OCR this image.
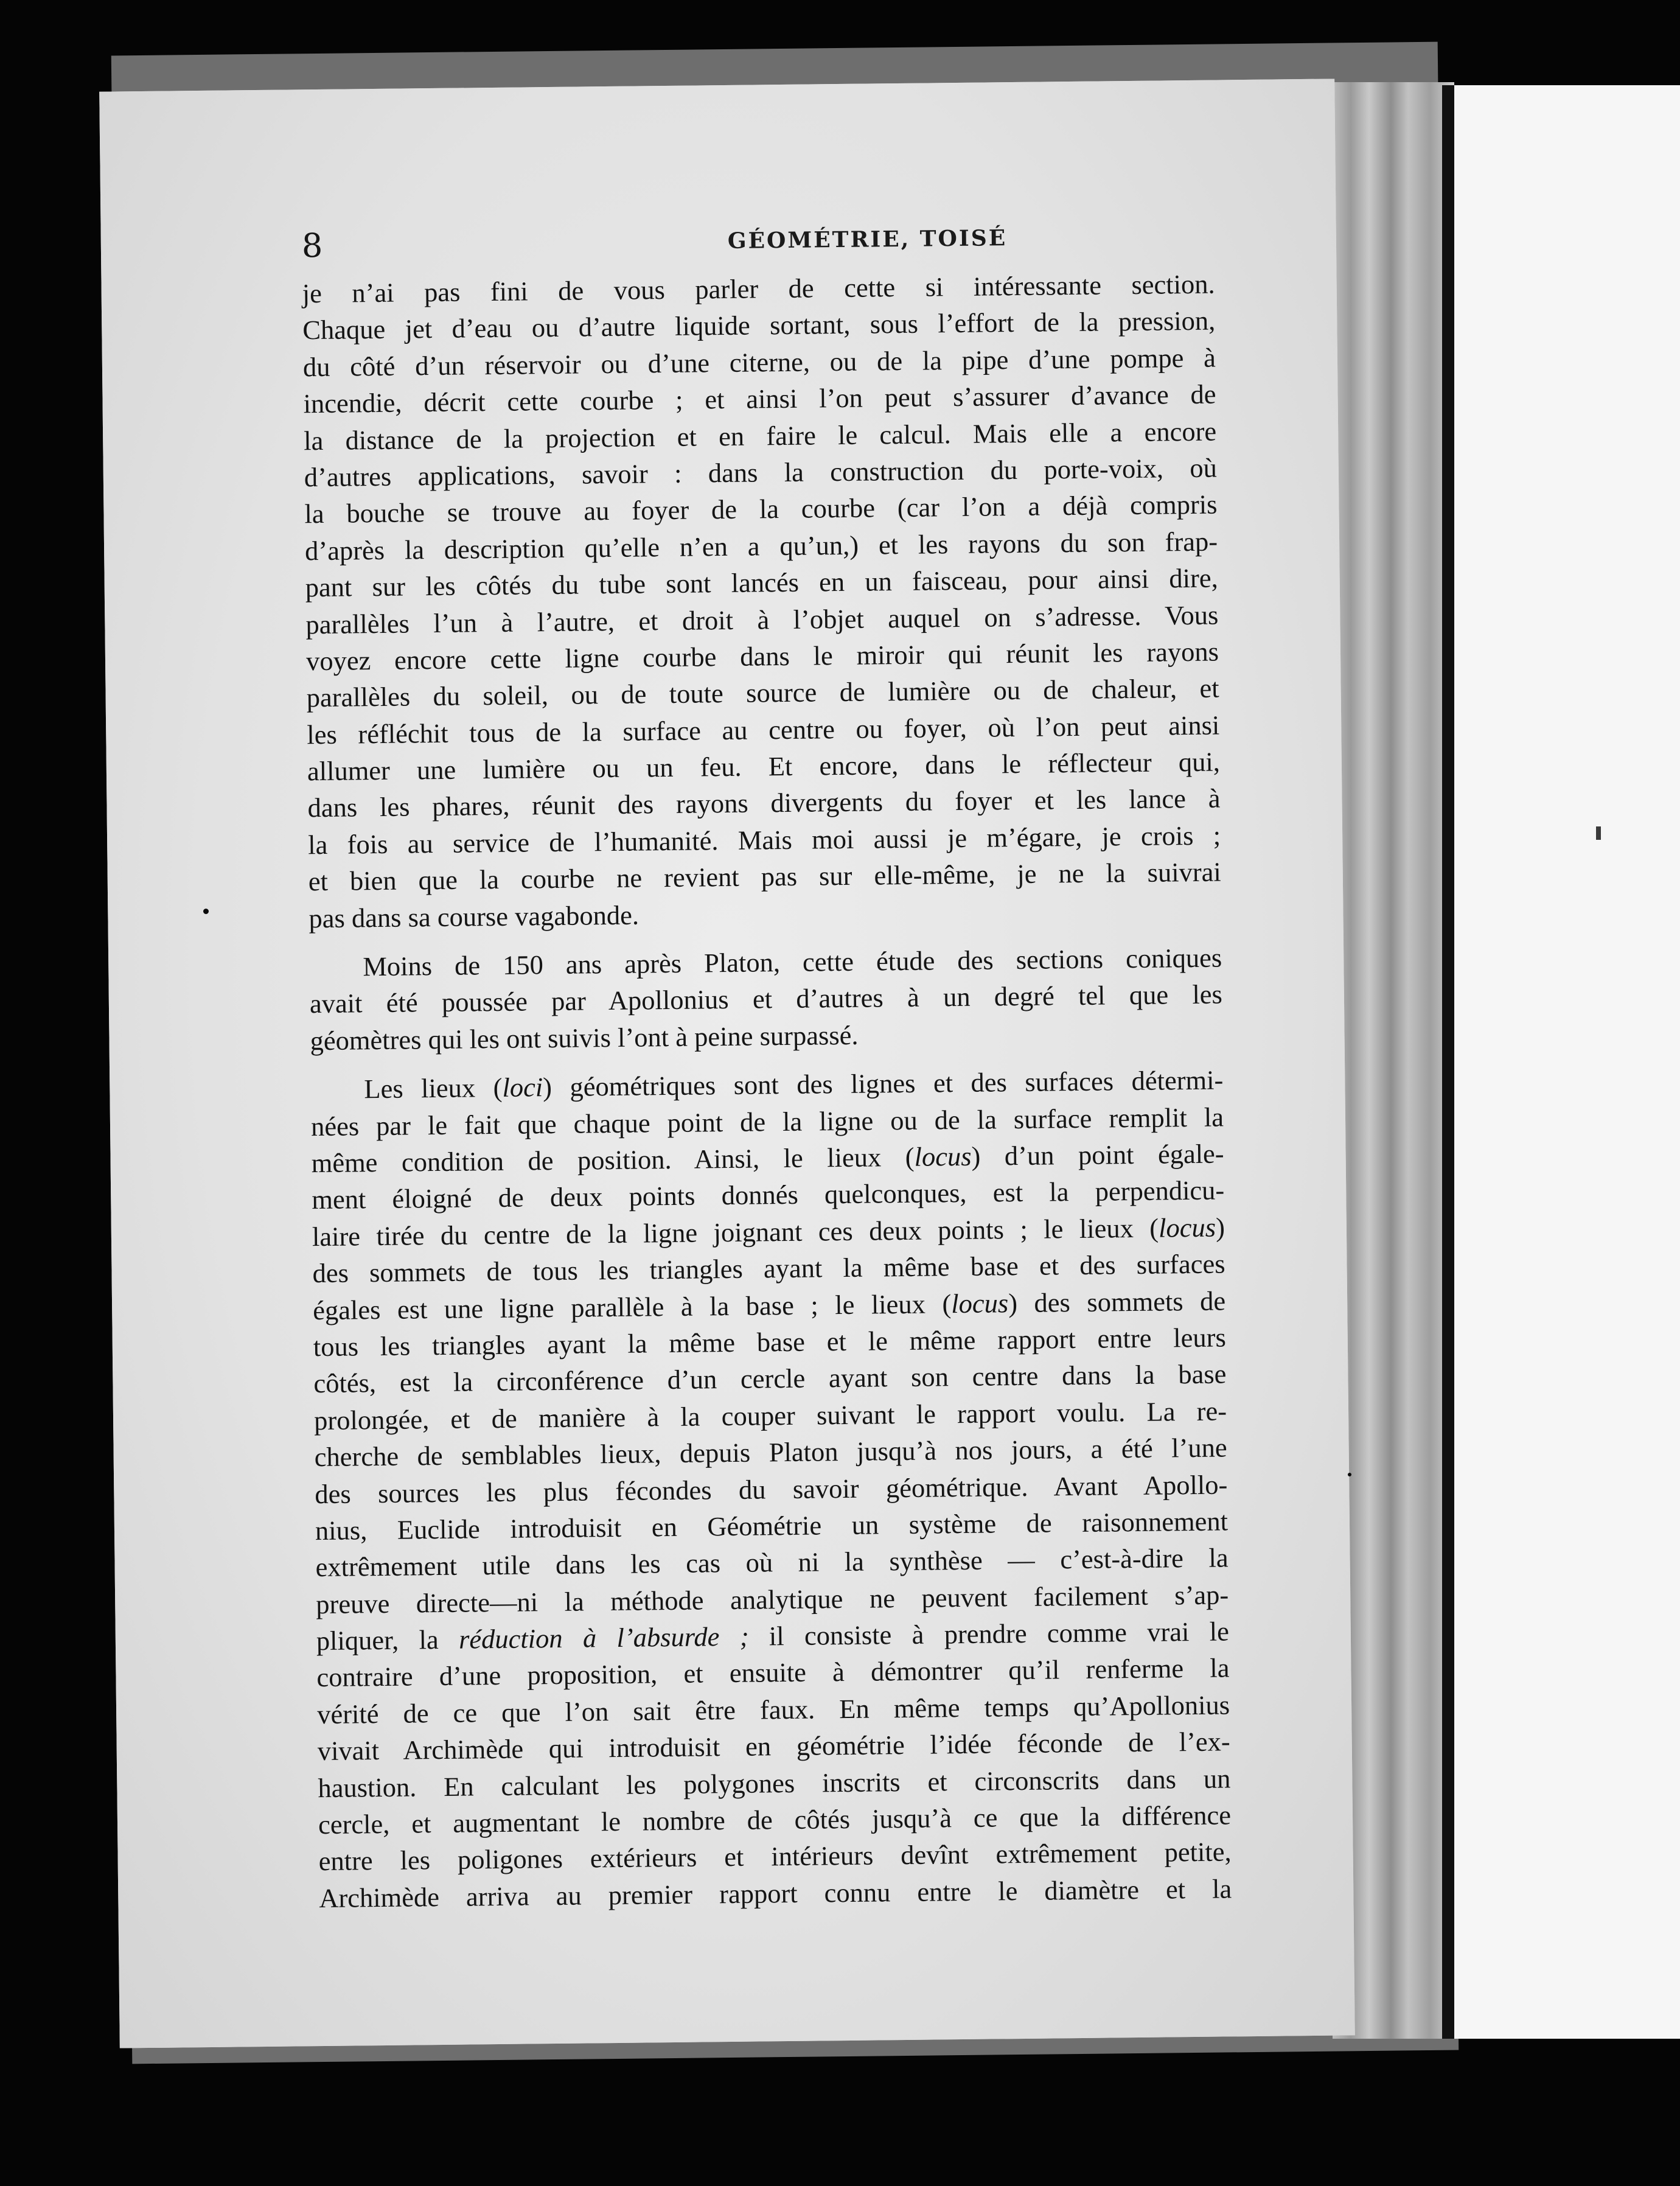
8	GÉOMÉTRIE, TOISÉ
je n’ai pas fini de vous parler de cette si intéressante section.
Chaque jet d’eau ou d’autre liquide sortant, sous l’effort de la pression,
du côté d’un réservoir ou d’une citerne, ou de la pipe d’une pompe à
incendie, décrit cette courbe ; et ainsi l’on peut s’assurer d’avance de
la distance de la projection et en faire le calcul. Mais elle a encore
d’autres applications, savoir : dans la construction du porte-voix, où
la bouche se trouve au foyer de la courbe (car l’on a déjà compris
d’après la description qu’elle n’en a qu’un,) et les rayons du son frap-
pant sur les côtés du tube sont lancés en un faisceau, pour ainsi dire,
parallèles l’un à l’autre, et droit à l’objet auquel on s’adresse. Vous
voyez encore cette ligne courbe dans le miroir qui réunit les rayons
parallèles du soleil, ou de toute source de lumière ou de chaleur, et
les réfléchit tous de la surface au centre ou foyer, où l’on peut ainsi
allumer une lumière ou un feu. Et encore, dans le réflecteur qui,
dans les phares, réunit des rayons divergents du foyer et les lance à
la fois au service de l’humanité. Mais moi aussi je m’égare, je crois ;
et bien que la courbe ne revient pas sur elle-même, je ne la suivrai
pas dans sa course vagabonde.
Moins de 150 ans après Platon, cette étude des sections coniques
avait été poussée par Apollonius et d’autres à un degré tel que les
géomètres qui les ont suivis l’ont à peine surpassé.
Les lieux (loci) géométriques sont des lignes et des surfaces détermi-
nées par le fait que chaque point de la ligne ou de la surface remplit la
même condition de position. Ainsi, le lieux (locus) d’un point égale-
ment éloigné de deux points donnés quelconques, est la perpendicu-
laire tirée du centre de la ligne joignant ces deux points ; le lieux (locus)
des sommets de tous les triangles ayant la même base et des surfaces
égales est une ligne parallèle à la base ; le lieux (locus) des sommets de
tous les triangles ayant la même base et le même rapport entre leurs
côtés, est la circonférence d’un cercle ayant son centre dans la base
prolongée, et de manière à la couper suivant le rapport voulu. La re-
cherche de semblables lieux, depuis Platon jusqu’à nos jours, a été l’une
des sources les plus fécondes du savoir géométrique. Avant Apollo-
nius, Euclide introduisit en Géométrie un système de raisonnement
extrêmement utile dans les cas où ni la synthèse — c’est-à-dire la
preuve directe—ni la méthode analytique ne peuvent facilement s’ap-
pliquer, la réduction à l’absurde ; il consiste à prendre comme vrai le
contraire d’une proposition, et ensuite à démontrer qu’il renferme la
vérité de ce que l’on sait être faux. En même temps qu’Apollonius
vivait Archimède qui introduisit en géométrie l’idée féconde de l’ex-
haustion. En calculant les polygones inscrits et circonscrits dans un
cercle, et augmentant le nombre de côtés jusqu’à ce que la différence
entre les poligones extérieurs et intérieurs devînt extrêmement petite,
Archimède arriva au premier rapport connu entre le diamètre et la
